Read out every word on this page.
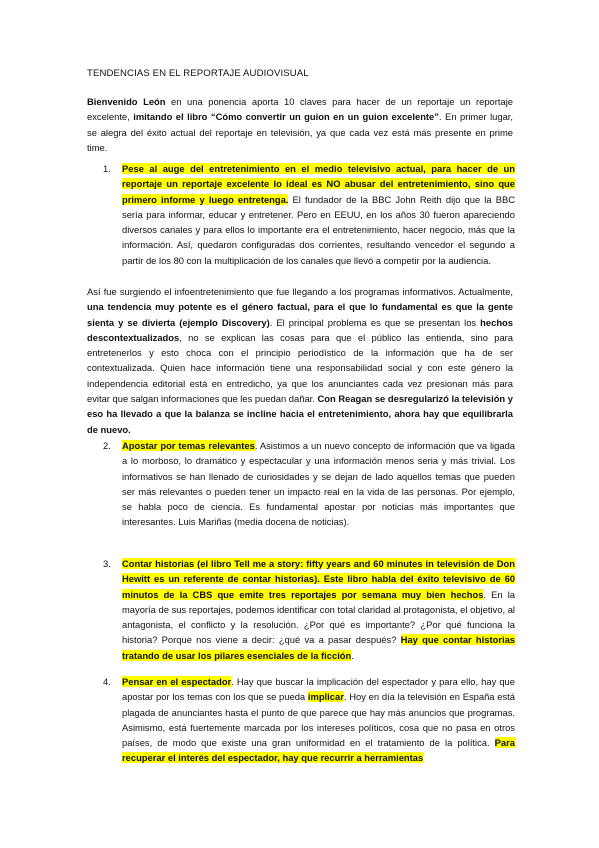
TENDENCIAS EN EL REPORTAJE AUDIOVISUAL
Bienvenido León en una ponencia aporta 10 claves para hacer de un reportaje un reportaje excelente, imitando el libro “Cómo convertir un guion en un guion excelente”. En primer lugar, se alegra del éxito actual del reportaje en televisión, ya que cada vez está más presente en prime time.
1. Pese al auge del entretenimiento en el medio televisivo actual, para hacer de un reportaje un reportaje excelente lo ideal es NO abusar del entretenimiento, sino que primero informe y luego entretenga. El fundador de la BBC John Reith dijo que la BBC sería para informar, educar y entretener. Pero en EEUU, en los años 30 fueron apareciendo diversos canales y para ellos lo importante era el entretenimiento, hacer negocio, más que la información. Así, quedaron configuradas dos corrientes, resultando vencedor el segundo a partir de los 80 con la multiplicación de los canales que llevó a competir por la audiencia.
Así fue surgiendo el infoentretenimiento que fue llegando a los programas informativos. Actualmente, una tendencia muy potente es el género factual, para el que lo fundamental es que la gente sienta y se divierta (ejemplo Discovery). El principal problema es que se presentan los hechos descontextualizados, no se explican las cosas para que el público las entienda, sino para entretenerlos y esto choca con el principio periodístico de la información que ha de ser contextualizada. Quien hace información tiene una responsabilidad social y con este género la independencia editorial está en entredicho, ya que los anunciantes cada vez presionan más para evitar que salgan informaciones que les puedan dañar. Con Reagan se desregularizó la televisión y eso ha llevado a que la balanza se incline hacia el entretenimiento, ahora hay que equilibrarla de nuevo.
2. Apostar por temas relevantes. Asistimos a un nuevo concepto de información que va ligada a lo morboso, lo dramático y espectacular y una información menos seria y más trivial. Los informativos se han llenado de curiosidades y se dejan de lado aquellos temas que pueden ser más relevantes o pueden tener un impacto real en la vida de las personas. Por ejemplo, se habla poco de ciencia. Es fundamental apostar por noticias más importantes que interesantes. Luis Mariñas (media docena de noticias).
3. Contar historias (el libro Tell me a story: fifty years and 60 minutes in televisión de Don Hewitt es un referente de contar historias). Este libro habla del éxito televisivo de 60 minutos de la CBS que emite tres reportajes por semana muy bien hechos. En la mayoría de sus reportajes, podemos identificar con total claridad al protagonista, el objetivo, al antagonista, el conflicto y la resolución. ¿Por qué es importante? ¿Por qué funciona la historia? Porque nos viene a decir: ¿qué va a pasar después? Hay que contar historias tratando de usar los pilares esenciales de la ficción.
4. Pensar en el espectador. Hay que buscar la implicación del espectador y para ello, hay que apostar por los temas con los que se pueda implicar. Hoy en día la televisión en España está plagada de anunciantes hasta el punto de que parece que hay más anuncios que programas. Asimismo, está fuertemente marcada por los intereses políticos, cosa que no pasa en otros países, de modo que existe una gran uniformidad en el tratamiento de la política. Para recuperar el interés del espectador, hay que recurrir a herramientas
